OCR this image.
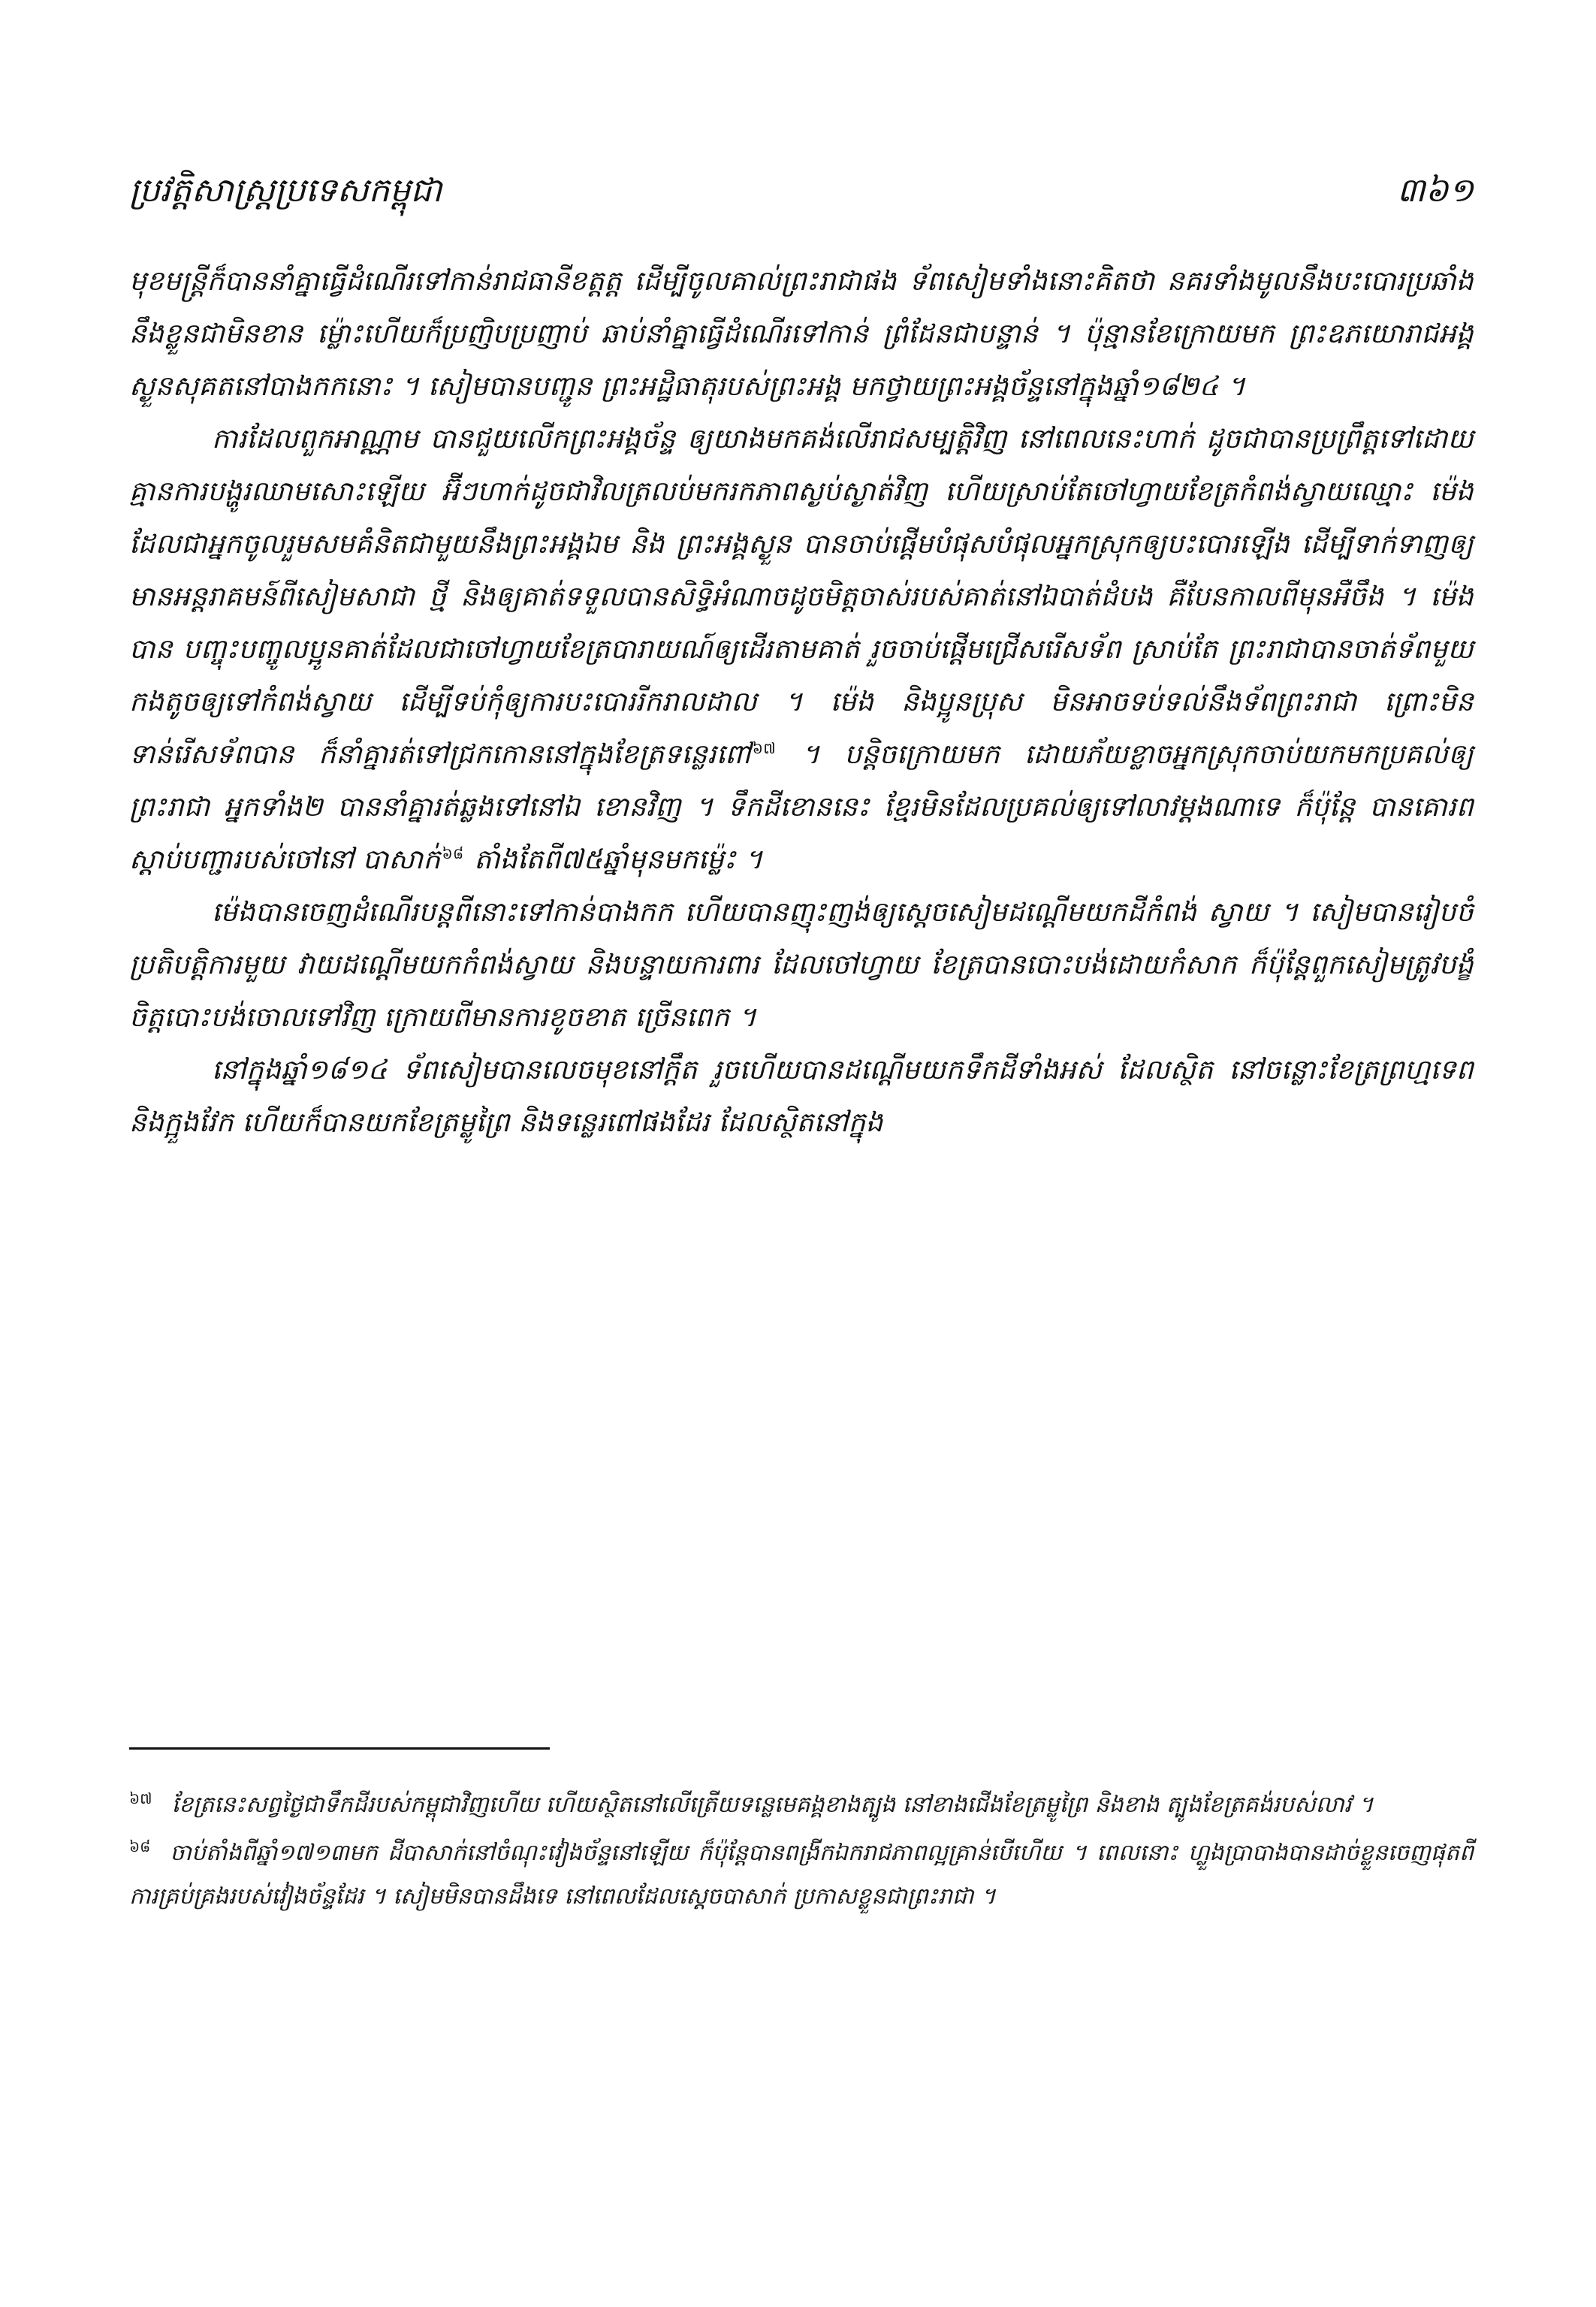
ប្រវត្តិសាស្ត្រប្រទេសកម្ពុជា	៣៦១

មុខមន្ត្រីក៏បាននាំគ្នាធ្វើដំណើរទៅកាន់រាជធានីខត្តត្ត ដើម្បីចូលគាល់ព្រះរាជាផង ទ័ពសៀមទាំងនោះគិតថា នគរទាំងមូលនឹងបះបោរប្រឆាំងនឹងខ្លួនជាមិនខាន ម្ល៉ោះហើយក៏ប្រញិបប្រញាប់ ឆាប់នាំគ្នាធ្វើដំណើរទៅកាន់ ព្រំដែនជាបន្ទាន់ ។ ប៉ុន្មានខែក្រោយមក ព្រះឧភយោរាជអង្គស្ងួនសុគតនៅបាងកកនោះ ។ សៀមបានបញ្ជូន ព្រះអដ្ឋិធាតុរបស់ព្រះអង្គ មកថ្វាយព្រះអង្គច័ន្ទនៅក្នុងឆ្នាំ១៨២៤ ។

ការដែលពួកអាណ្ណាម បានជួយលើកព្រះអង្គច័ន្ទ ឲ្យយាងមកគង់លើរាជសម្បត្តិវិញ នៅពេលនេះហាក់ ដូចជាបានប្រព្រឹត្តទៅដោយគ្មានការបង្ហូរឈាមសោះឡើយ អ៊ីៗហាក់ដូចជាវិលត្រលប់មករកភាពស្ងប់ស្ងាត់វិញ ហើយស្រាប់តែចៅហ្វាយខែត្រកំពង់ស្វាយឈ្មោះ ម៉េង ដែលជាអ្នកចូលរួមសមគំនិតជាមួយនឹងព្រះអង្គឯម និង ព្រះអង្គស្ងួន បានចាប់ផ្តើមបំផុសបំផុលអ្នកស្រុកឲ្យបះបោរឡើង ដើម្បីទាក់ទាញឲ្យមានអន្តរាគមន៍ពីសៀមសាជា ថ្មី និងឲ្យគាត់ទទួលបានសិទ្ធិអំណាចដូចមិត្តចាស់របស់គាត់នៅឯបាត់ដំបង គឺបែនកាលពីមុនអឺចឹង ។ ម៉េងបាន បញ្ចុះបញ្ចូលប្អូនគាត់ដែលជាចៅហ្វាយខែត្របារាយណ៍ឲ្យដើរតាមគាត់ រួចចាប់ផ្តើមជ្រើសរើសទ័ព ស្រាប់តែ ព្រះរាជាបានចាត់ទ័ពមួយកងតូចឲ្យទៅកំពង់ស្វាយ ដើម្បីទប់កុំឲ្យការបះបោររីករាលដាល ។ ម៉េង និងប្អូនប្រុស មិនអាចទប់ទល់នឹងទ័ពព្រះរាជា ព្រោះមិនទាន់រើសទ័ពបាន ក៏នាំគ្នារត់ទៅជ្រកកោននៅក្នុងខែត្រទន្លេរពៅ $^{៦៧}$ ។ បន្តិចក្រោយមក ដោយភ័យខ្លាចអ្នកស្រុកចាប់យកមកប្រគល់ឲ្យព្រះរាជា អ្នកទាំង២ បាននាំគ្នារត់ឆ្លងទៅនៅឯ ខោនវិញ ។ ទឹកដីខោននេះ ខ្មែរមិនដែលប្រគល់ឲ្យទៅលាវម្តងណាទេ ក៏ប៉ុន្តែ បានគោរពស្តាប់បញ្ជារបស់ចៅនៅ បាសាក់ $^{៦៨}$ តាំងតែពី៧៥ឆ្នាំមុនមកម្ល៉េះ ។

ម៉េងបានចេញដំណើរបន្តពីនោះទៅកាន់បាងកក ហើយបានញុះញង់ឲ្យស្តេចសៀមដណ្តើមយកដីកំពង់ ស្វាយ ។ សៀមបានរៀបចំប្រតិបត្តិការមួយ វាយដណ្តើមយកកំពង់ស្វាយ និងបន្ទាយការពារ ដែលចៅហ្វាយ ខែត្របានបោះបង់ដោយកំសាក ក៏ប៉ុន្តែពួកសៀមត្រូវបង្ខំចិត្តបោះបង់ចោលទៅវិញ ក្រោយពីមានការខូចខាត ច្រើនពេក ។

នៅក្នុងឆ្នាំ១៨១៤ ទ័ពសៀមបានលេចមុខនៅក្ដឹត រួចហើយបានដណ្តើមយកទឹកដីទាំងអស់ ដែលស្ថិត នៅចន្លោះខែត្រព្រហ្មទេព និងក្អួងវែក ហើយក៏បានយកខែត្រម្លូព្រៃ និងទន្លេរពៅផងដែរ ដែលស្ថិតនៅក្នុង

$^{៦៧}$ ខែត្រនេះសព្វថ្ងៃជាទឹកដីរបស់កម្ពុជាវិញហើយ ហើយស្ថិតនៅលើត្រើយទន្លេមេគង្គខាងត្បូង នៅខាងជើងខែត្រម្លូព្រៃ និងខាង ត្បូងខែត្រគង់របស់លាវ ។

$^{៦៨}$ ចាប់តាំងពីឆ្នាំ១៧១៣មក ដីបាសាក់នៅចំណុះវៀងច័ន្ទនៅឡើយ ក៏ប៉ុន្តែបានពង្រីកឯករាជភាពល្អគ្រាន់បើហើយ ។ ពេលនោះ ហ្លួងប្រាបាងបានដាច់ខ្លួនចេញផុតពីការគ្រប់គ្រងរបស់វៀងច័ន្ទដែរ ។ សៀមមិនបានដឹងទេ នៅពេលដែលស្តេចបាសាក់ ប្រកាសខ្លួនជាព្រះរាជា ។
